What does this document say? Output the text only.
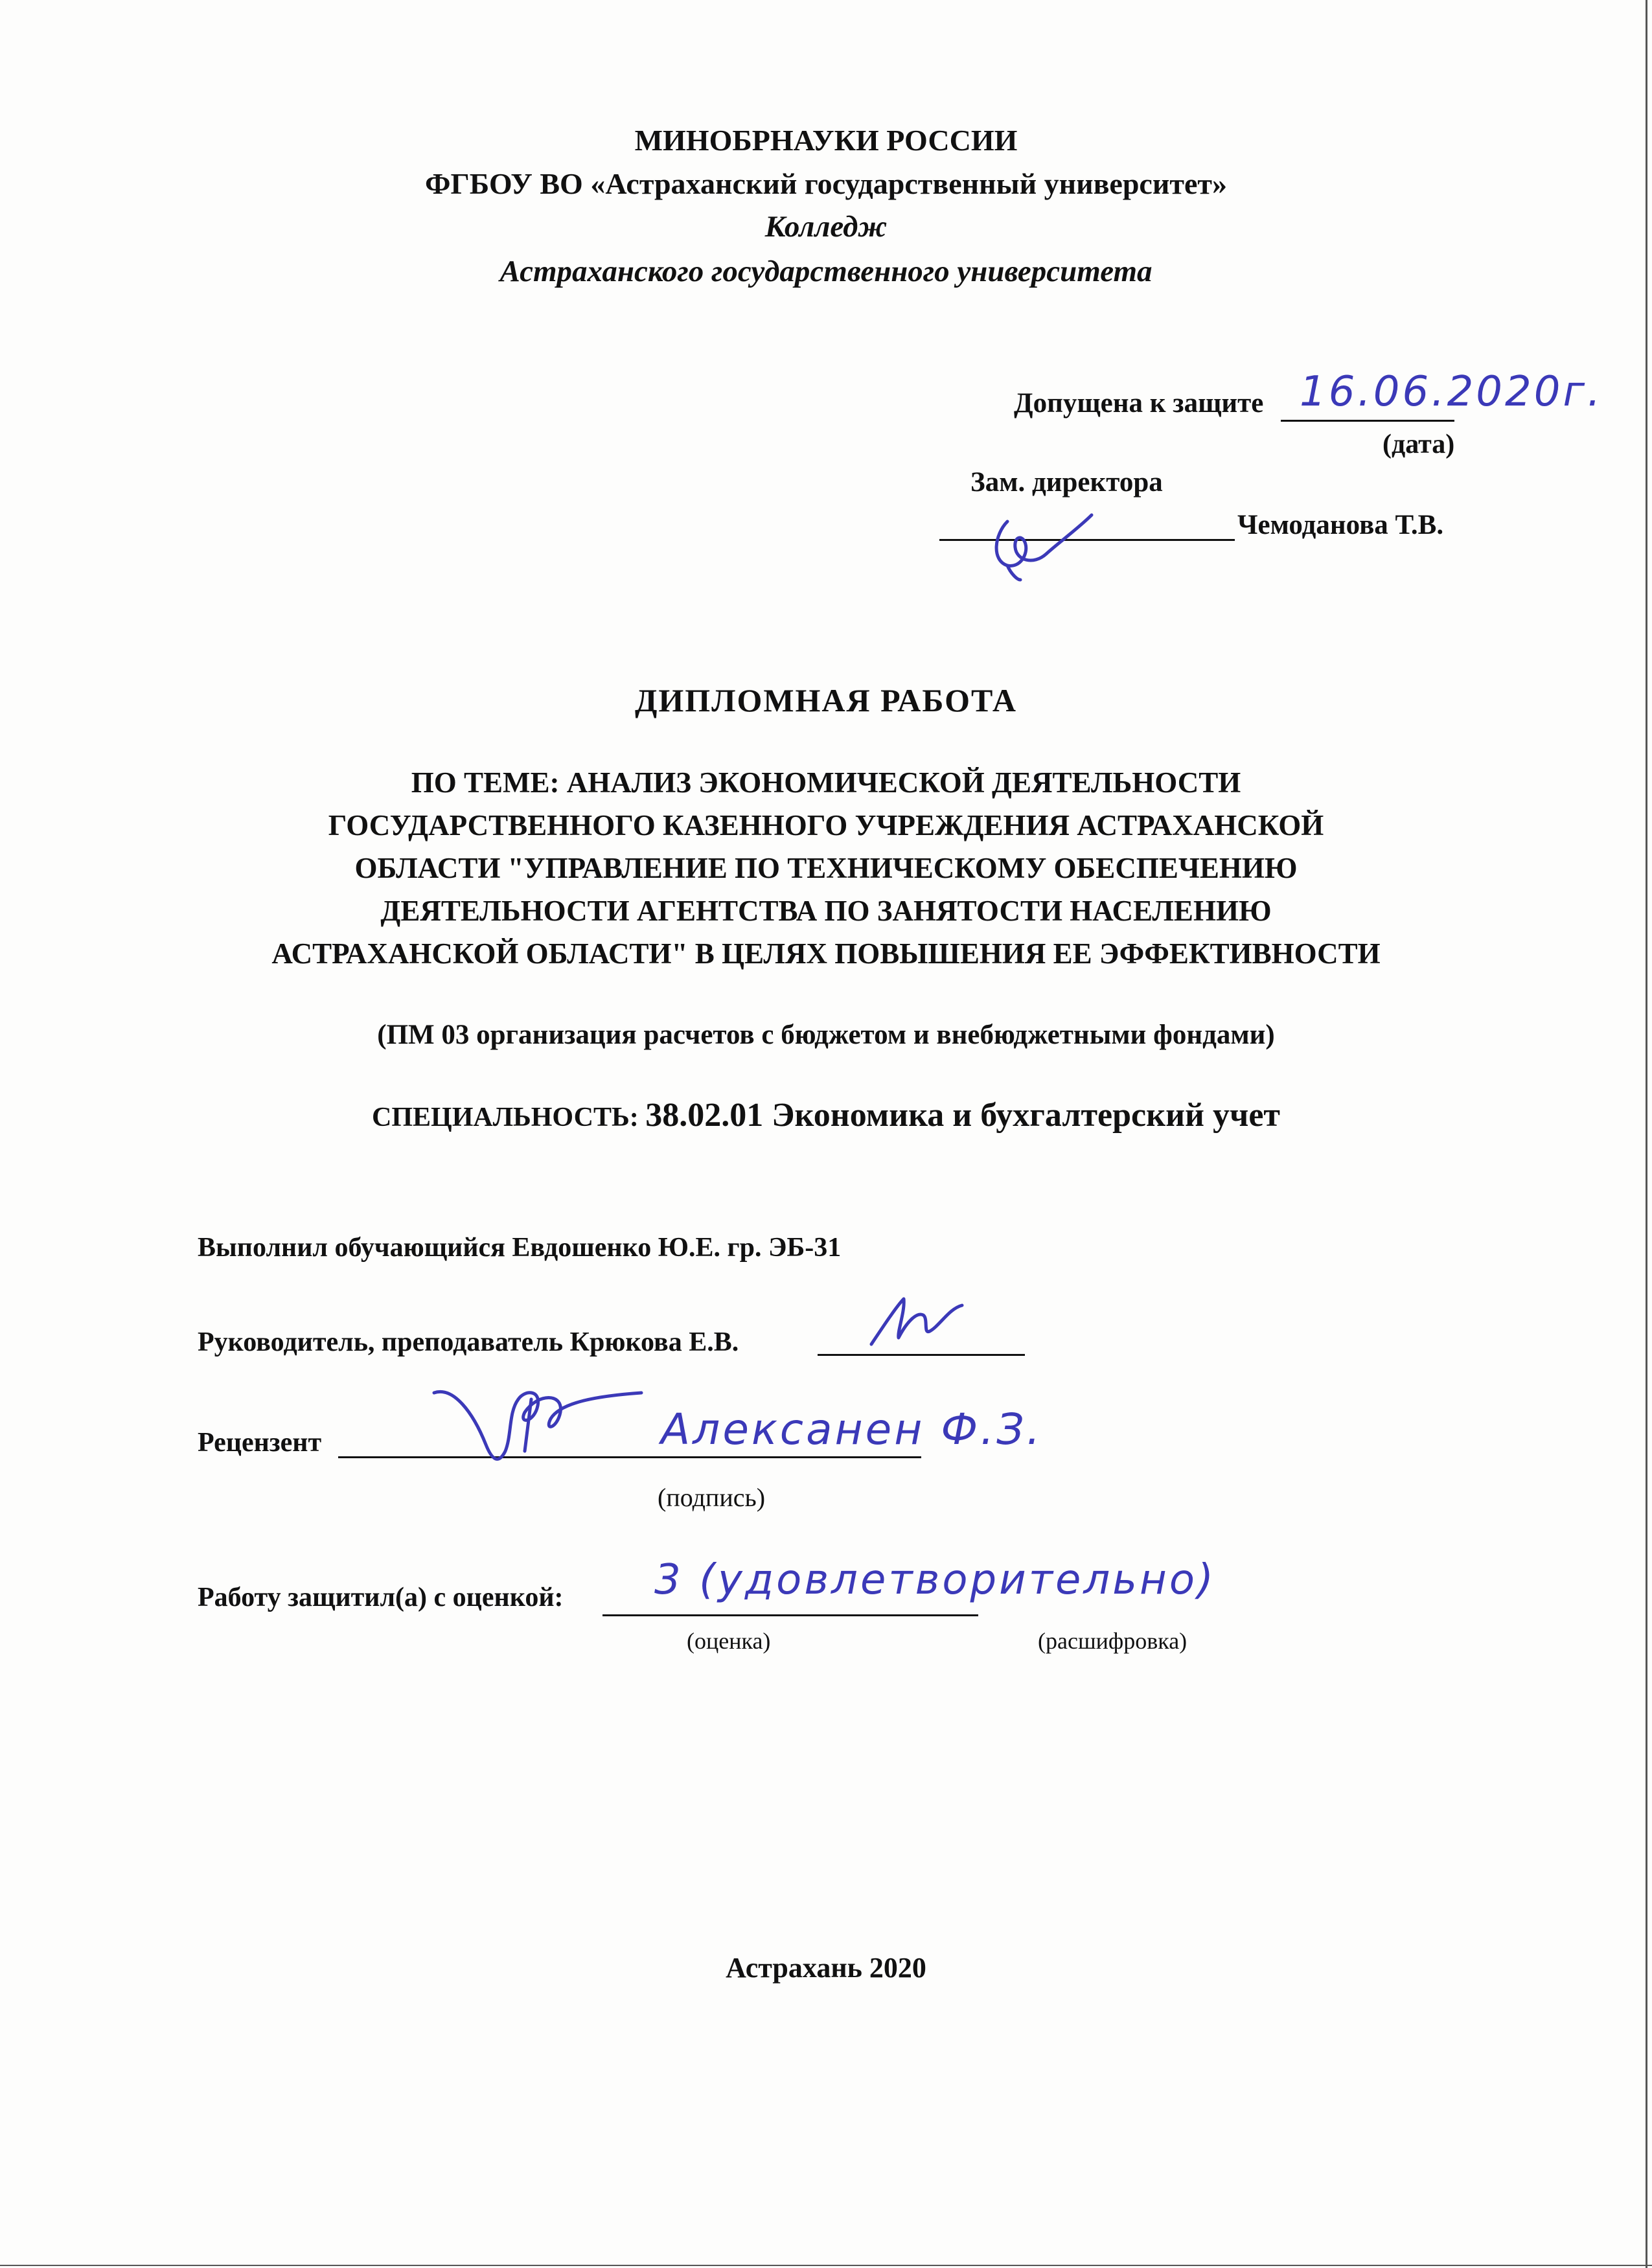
МИНОБРНАУКИ РОССИИ
ФГБОУ ВО «Астраханский государственный университет»
Колледж
Астраханского государственного университета
Допущена к защите 16.06.2020г.
(дата)
Зам. директора
Чемоданова Т.В.
ДИПЛОМНАЯ РАБОТА
ПО ТЕМЕ: АНАЛИЗ ЭКОНОМИЧЕСКОЙ ДЕЯТЕЛЬНОСТИ
ГОСУДАРСТВЕННОГО КАЗЕННОГО УЧРЕЖДЕНИЯ АСТРАХАНСКОЙ
ОБЛАСТИ "УПРАВЛЕНИЕ ПО ТЕХНИЧЕСКОМУ ОБЕСПЕЧЕНИЮ
ДЕЯТЕЛЬНОСТИ АГЕНТСТВА ПО ЗАНЯТОСТИ НАСЕЛЕНИЮ
АСТРАХАНСКОЙ ОБЛАСТИ" В ЦЕЛЯХ ПОВЫШЕНИЯ ЕЕ ЭФФЕКТИВНОСТИ
(ПМ 03 организация расчетов с бюджетом и внебюджетными фондами)
СПЕЦИАЛЬНОСТЬ: 38.02.01 Экономика и бухгалтерский учет
Выполнил обучающийся Евдошенко Ю.Е. гр. ЭБ-31
Руководитель, преподаватель Крюкова Е.В.
Рецензент	Алексанен Ф.З.
(подпись)
Работу защитил(а) с оценкой: 3 (удовлетворительно)
(оценка)	(расшифровка)
Астрахань 2020
